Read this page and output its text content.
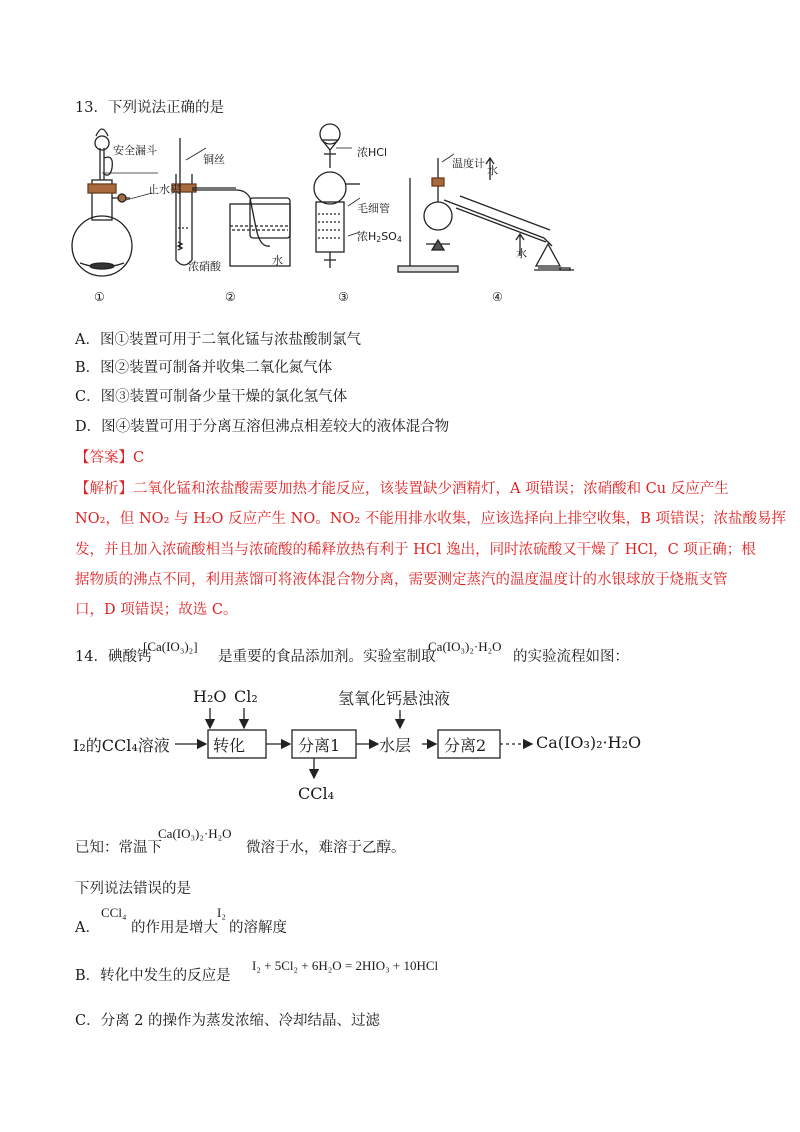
13．下列说法正确的是
安全漏斗
止水夹
铜丝
浓硝酸	水
浓HCl
毛细管
浓$H_2SO_4$
温度计
水
水
①	②	③	④
A．图①装置可用于二氧化锰与浓盐酸制氯气
B．图②装置可制备并收集二氧化氮气体
C．图③装置可制备少量干燥的氯化氢气体
D．图④装置可用于分离互溶但沸点相差较大的液体混合物
【答案】C
【解析】二氧化锰和浓盐酸需要加热才能反应，该装置缺少酒精灯，A 项错误；浓硝酸和 Cu 反应产生
NO₂，但 NO₂ 与 H₂O 反应产生 NO。NO₂ 不能用排水收集，应该选择向上排空收集，B 项错误；浓盐酸易挥
发，并且加入浓硫酸相当与浓硫酸的稀释放热有利于 HCl 逸出，同时浓硫酸又干燥了 HCl，C 项正确；根
据物质的沸点不同，利用蒸馏可将液体混合物分离，需要测定蒸汽的温度温度计的水银球放于烧瓶支管
口，D 项错误；故选 C。
14．碘酸钙
[Ca(IO₃)₂]
是重要的食品添加剂。实验室制取
Ca(IO₃)₂·H₂O
的实验流程如图：
I₂的CCl₄溶液
H₂O Cl₂
转化	分离1
CCl₄
水层
氢氧化钙悬浊液
分离2	Ca(IO₃)₂·H₂O
已知：常温下
Ca(IO₃)₂·H₂O
微溶于水，难溶于乙醇。
下列说法错误的是
A．
CCl₄
的作用是增大
I₂
的溶解度
B．转化中发生的反应是
I₂ + 5Cl₂ + 6H₂O = 2HIO₃ + 10HCl
C．分离 2 的操作为蒸发浓缩、冷却结晶、过滤
